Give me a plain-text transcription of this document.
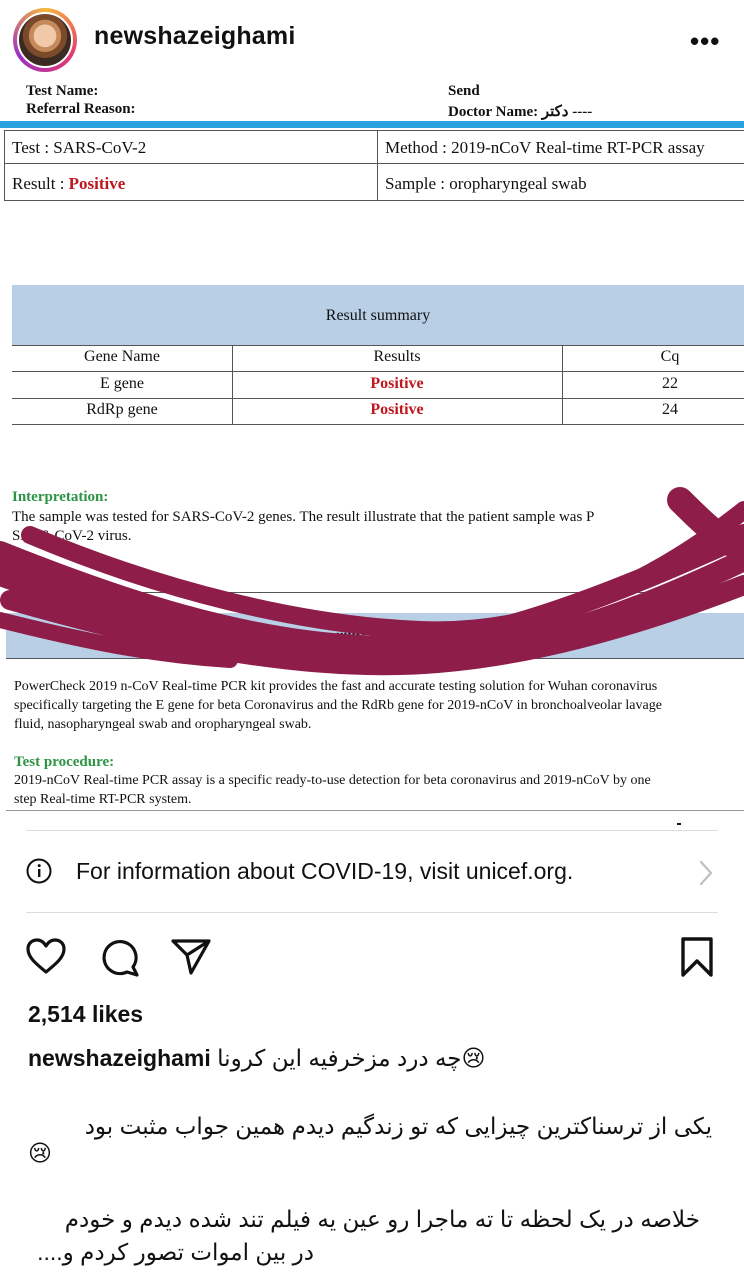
newshazeighami	•••
Test Name:
Referral Reason:
Send
Doctor Name: دکتر ----
Test : SARS-CoV-2	Method : 2019-nCoV Real-time RT-PCR assay
Result : Positive	Sample : oropharyngeal swab
Result summary
Gene Name	Results	Cq
E gene	Positive	22
RdRp gene	Positive	24
Interpretation:
The sample was tested for SARS-CoV-2 genes. The result illustrate that the patient sample was P
SARS-CoV-2 virus.
...mental info...
PowerCheck 2019 n-CoV Real-time PCR kit provides the fast and accurate testing solution for Wuhan coronavirus
specifically targeting the E gene for beta Coronavirus and the RdRb gene for 2019-nCoV in bronchoalveolar lavage
fluid, nasopharyngeal swab and oropharyngeal swab.
Test procedure:
2019-nCoV Real-time PCR assay is a specific ready-to-use detection for beta coronavirus and 2019-nCoV by one
step Real-time RT-PCR system.
For information about COVID-19, visit unicef.org.
2,514 likes
newshazeighami چه درد مزخرفیه این کرونا😢
یکی از ترسناکترین چیزایی که تو زندگیم دیدم همین جواب مثبت بود
😢
خلاصه در یک لحظه تا ته ماجرا رو عین یه فیلم تند شده دیدم و خودم
در بین اموات تصور کردم و....
